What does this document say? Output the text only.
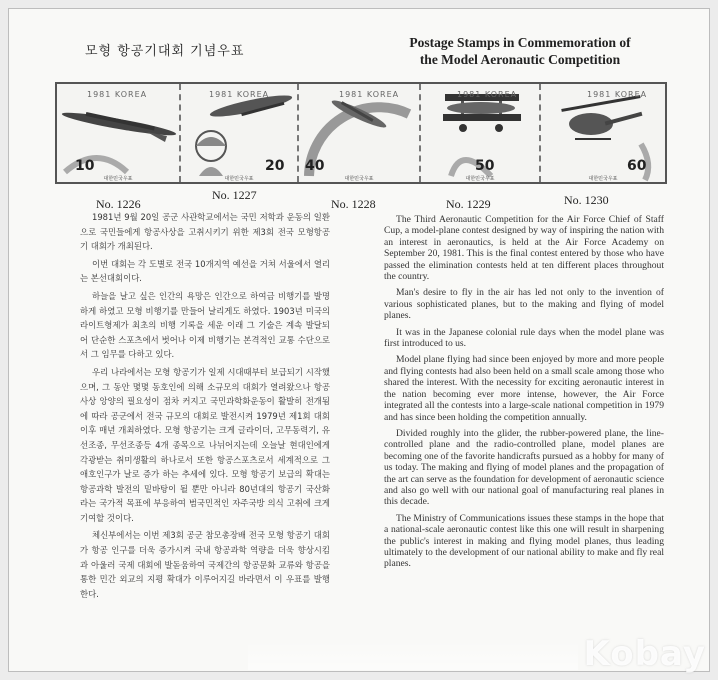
모형 항공기대회 기념우표
Postage Stamps in Commemoration of
the Model Aeronautic Competition
1981 KOREA
10
대한민국우표
1981 KOREA
20
대한민국우표
1981 KOREA
40
대한민국우표
1981 KOREA
50
대한민국우표
1981 KOREA
60
대한민국우표
No. 1226
No. 1227
No. 1228	No. 1229	No. 1230

1981년 9월 20일 공군 사관학교에서는 국민 저학과 운동의 일환으로 국민들에게 항공사상을 고취시키기 위한 제3회 전국 모형항공기 대회가 개최된다.

이번 대회는 각 도별로 전국 10개지역 예선을 거쳐 서울에서 열리는 본선대회이다.

하늘을 날고 싶은 인간의 욕망은 인간으로 하여금 비행기를 발명하게 하였고 모형 비행기를 만들어 날리게도 하였다. 1903년 미국의 라이트형제가 최초의 비행 기록을 세운 이래 그 기술은 계속 발달되어 단순한 스포츠에서 벗어나 이제 비행기는 본격적인 교통 수단으로서 그 임무를 다하고 있다.

우리 나라에서는 모형 항공기가 일제 시대때부터 보급되기 시작했으며, 그 동안 몇몇 동호인에 의해 소규모의 대회가 열려왔으나 항공 사상 앙양의 필요성이 점차 커지고 국민과학화운동이 활발히 전개됨에 따라 공군에서 전국 규모의 대회로 발전시켜 1979년 제1회 대회 이후 매년 개최하였다. 모형 항공기는 크게 글라이더, 고무동력기, 유선조종, 무선조종등 4개 종목으로 나뉘어지는데 오늘날 현대인에게 각광받는 취미생활의 하나로서 또한 항공스포츠로서 세계적으로 그 애호인구가 날로 증가 하는 추세에 있다. 모형 항공기 보급의 확대는 항공과학 발전의 밑바탕이 될 뿐만 아니라 80년대의 항공기 국산화라는 국가적 목표에 부응하여 범국민적인 자주국방 의식 고취에 크게 기여할 것이다.

체신부에서는 이번 제3회 공군 참모총장배 전국 모형 항공기 대회가 항공 인구를 더욱 증가시켜 국내 항공과학 역량을 더욱 향상시킴과 아울러 국제 대회에 발돋움하여 국제간의 항공문화 교류와 항공을 통한 민간 외교의 지평 확대가 이루어지길 바라면서 이 우표를 발행한다.

The Third Aeronautic Competition for the Air Force Chief of Staff Cup, a model-plane contest designed by way of inspiring the nation with an interest in aeronautics, is held at the Air Force Academy on September 20, 1981. This is the final contest entered by those who have passed the elimination contests held at ten different places throughout the country.

Man's desire to fly in the air has led not only to the invention of various sophisticated planes, but to the making and flying of model planes.

It was in the Japanese colonial rule days when the model plane was first introduced to us.

Model plane flying had since been enjoyed by more and more people and flying contests had also been held on a small scale among those who shared the interest. With the necessity for exciting aeronautic interest in the nation becoming ever more intense, however, the Air Force integrated all the contests into a large-scale national competition in 1979 and has since been holding the competition annually.

Divided roughly into the glider, the rubber-powered plane, the line-controlled plane and the radio-controlled plane, model planes are becoming one of the favorite handicrafts pursued as a hobby for many of us today. The making and flying of model planes and the propagation of the art can serve as the foundation for development of aeronautic science and also go well with our national goal of manufacturing real planes in this decade.

The Ministry of Communications issues these stamps in the hope that a national-scale aeronautic contest like this one will result in sharpening the public's interest in making and flying model planes, thus leading ultimately to the development of our national ability to make and fly real planes.

Kobay
